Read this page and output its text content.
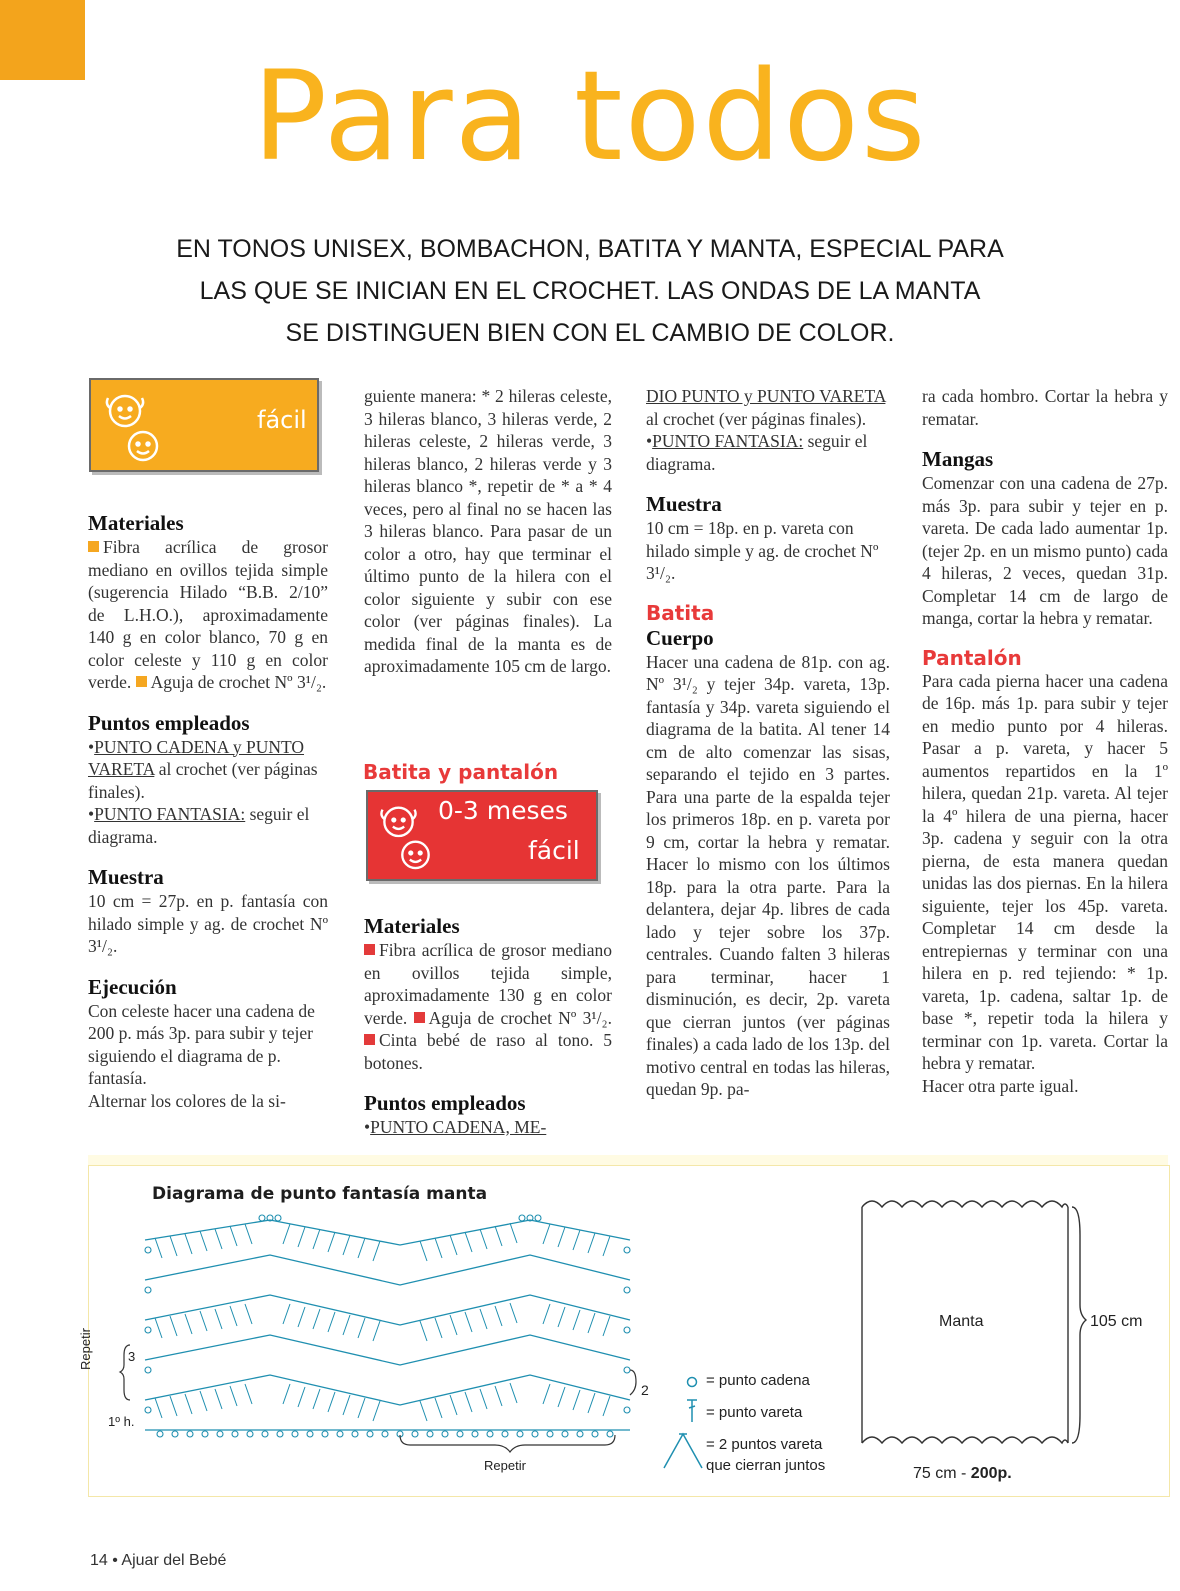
Para todos
EN TONOS UNISEX, BOMBACHON, BATITA Y MANTA, ESPECIAL PARA
LAS QUE SE INICIAN EN EL CROCHET. LAS ONDAS DE LA MANTA
SE DISTINGUEN BIEN CON EL CAMBIO DE COLOR.
fácil

Materiales

Fibra acrílica de grosor mediano en ovillos tejida simple (sugerencia Hilado “B.B. 2/10” de L.H.O.), aproximadamente 140 g en color blanco, 70 g en color celeste y 110 g en color verde. Aguja de crochet Nº 3¹/₂.

Puntos empleados

•PUNTO CADENA y PUNTO VARETA al crochet (ver páginas finales).

•PUNTO FANTASIA: seguir el diagrama.

Muestra

10 cm = 27p. en p. fantasía con hilado simple y ag. de crochet Nº 3¹/₂.

Ejecución

Con celeste hacer una cadena de 200 p. más 3p. para subir y tejer siguiendo el diagrama de p. fantasía.

Alternar los colores de la si-

guiente manera: * 2 hileras celeste, 3 hileras blanco, 3 hileras verde, 2 hileras celeste, 2 hileras verde, 3 hileras blanco, 2 hileras verde y 3 hileras blanco *, repetir de * a * 4 veces, pero al final no se hacen las 3 hileras blanco. Para pasar de un color a otro, hay que terminar el último punto de la hilera con el color siguiente y subir con ese color (ver páginas finales). La medida final de la manta es de aproximadamente 105 cm de largo.

Batita y pantalón
0-3 meses
fácil

Materiales

Fibra acrílica de grosor mediano en ovillos tejida simple, aproximadamente 130 g en color verde. Aguja de crochet Nº 3¹/₂. Cinta bebé de raso al tono. 5 botones.

Puntos empleados

•PUNTO CADENA, ME-

DIO PUNTO y PUNTO VARETA al crochet (ver páginas finales).

•PUNTO FANTASIA: seguir el diagrama.

Muestra

10 cm = 18p. en p. vareta con hilado simple y ag. de crochet Nº 3¹/₂.

Batita

Cuerpo

Hacer una cadena de 81p. con ag. Nº 3¹/₂ y tejer 34p. vareta, 13p. fantasía y 34p. vareta siguiendo el diagrama de la batita. Al tener 14 cm de alto comenzar las sisas, separando el tejido en 3 partes. Para una parte de la espalda tejer los primeros 18p. en p. vareta por 9 cm, cortar la hebra y rematar. Hacer lo mismo con los últimos 18p. para la otra parte. Para la delantera, dejar 4p. libres de cada lado y tejer sobre los 37p. centrales. Cuando falten 3 hileras para terminar, hacer 1 disminución, es decir, 2p. vareta que cierran juntos (ver páginas finales) a cada lado de los 13p. del motivo central en todas las hileras, quedan 9p. pa-

ra cada hombro. Cortar la hebra y rematar.

Mangas

Comenzar con una cadena de 27p. más 3p. para subir y tejer en p. vareta. De cada lado aumentar 1p. (tejer 2p. en un mismo punto) cada 4 hileras, 2 veces, quedan 31p. Completar 14 cm de largo de manga, cortar la hebra y rematar.

Pantalón

Para cada pierna hacer una cadena de 16p. más 1p. para subir y tejer en medio punto por 4 hileras. Pasar a p. vareta, y hacer 5 aumentos repartidos en la 1º hilera, quedan 21p. vareta. Al tejer la 4º hilera de una pierna, hacer 3p. cadena y seguir con la otra pierna, de esta manera quedan unidas las dos piernas. En la hilera siguiente, tejer los 45p. vareta. Completar 14 cm desde la entrepiernas y terminar con una hilera en p. red tejiendo: * 1p. vareta, 1p. cadena, saltar 1p. de base *, repetir toda la hilera y terminar con 1p. vareta. Cortar la hebra y rematar.

Hacer otra parte igual.

Diagrama de punto fantasía manta
Repetir	3
2
1º h.
Repetir
= punto cadena
= punto vareta
= 2 puntos vareta
que cierran juntos
Manta	105 cm
75 cm - 200p.
14 • Ajuar del Bebé
